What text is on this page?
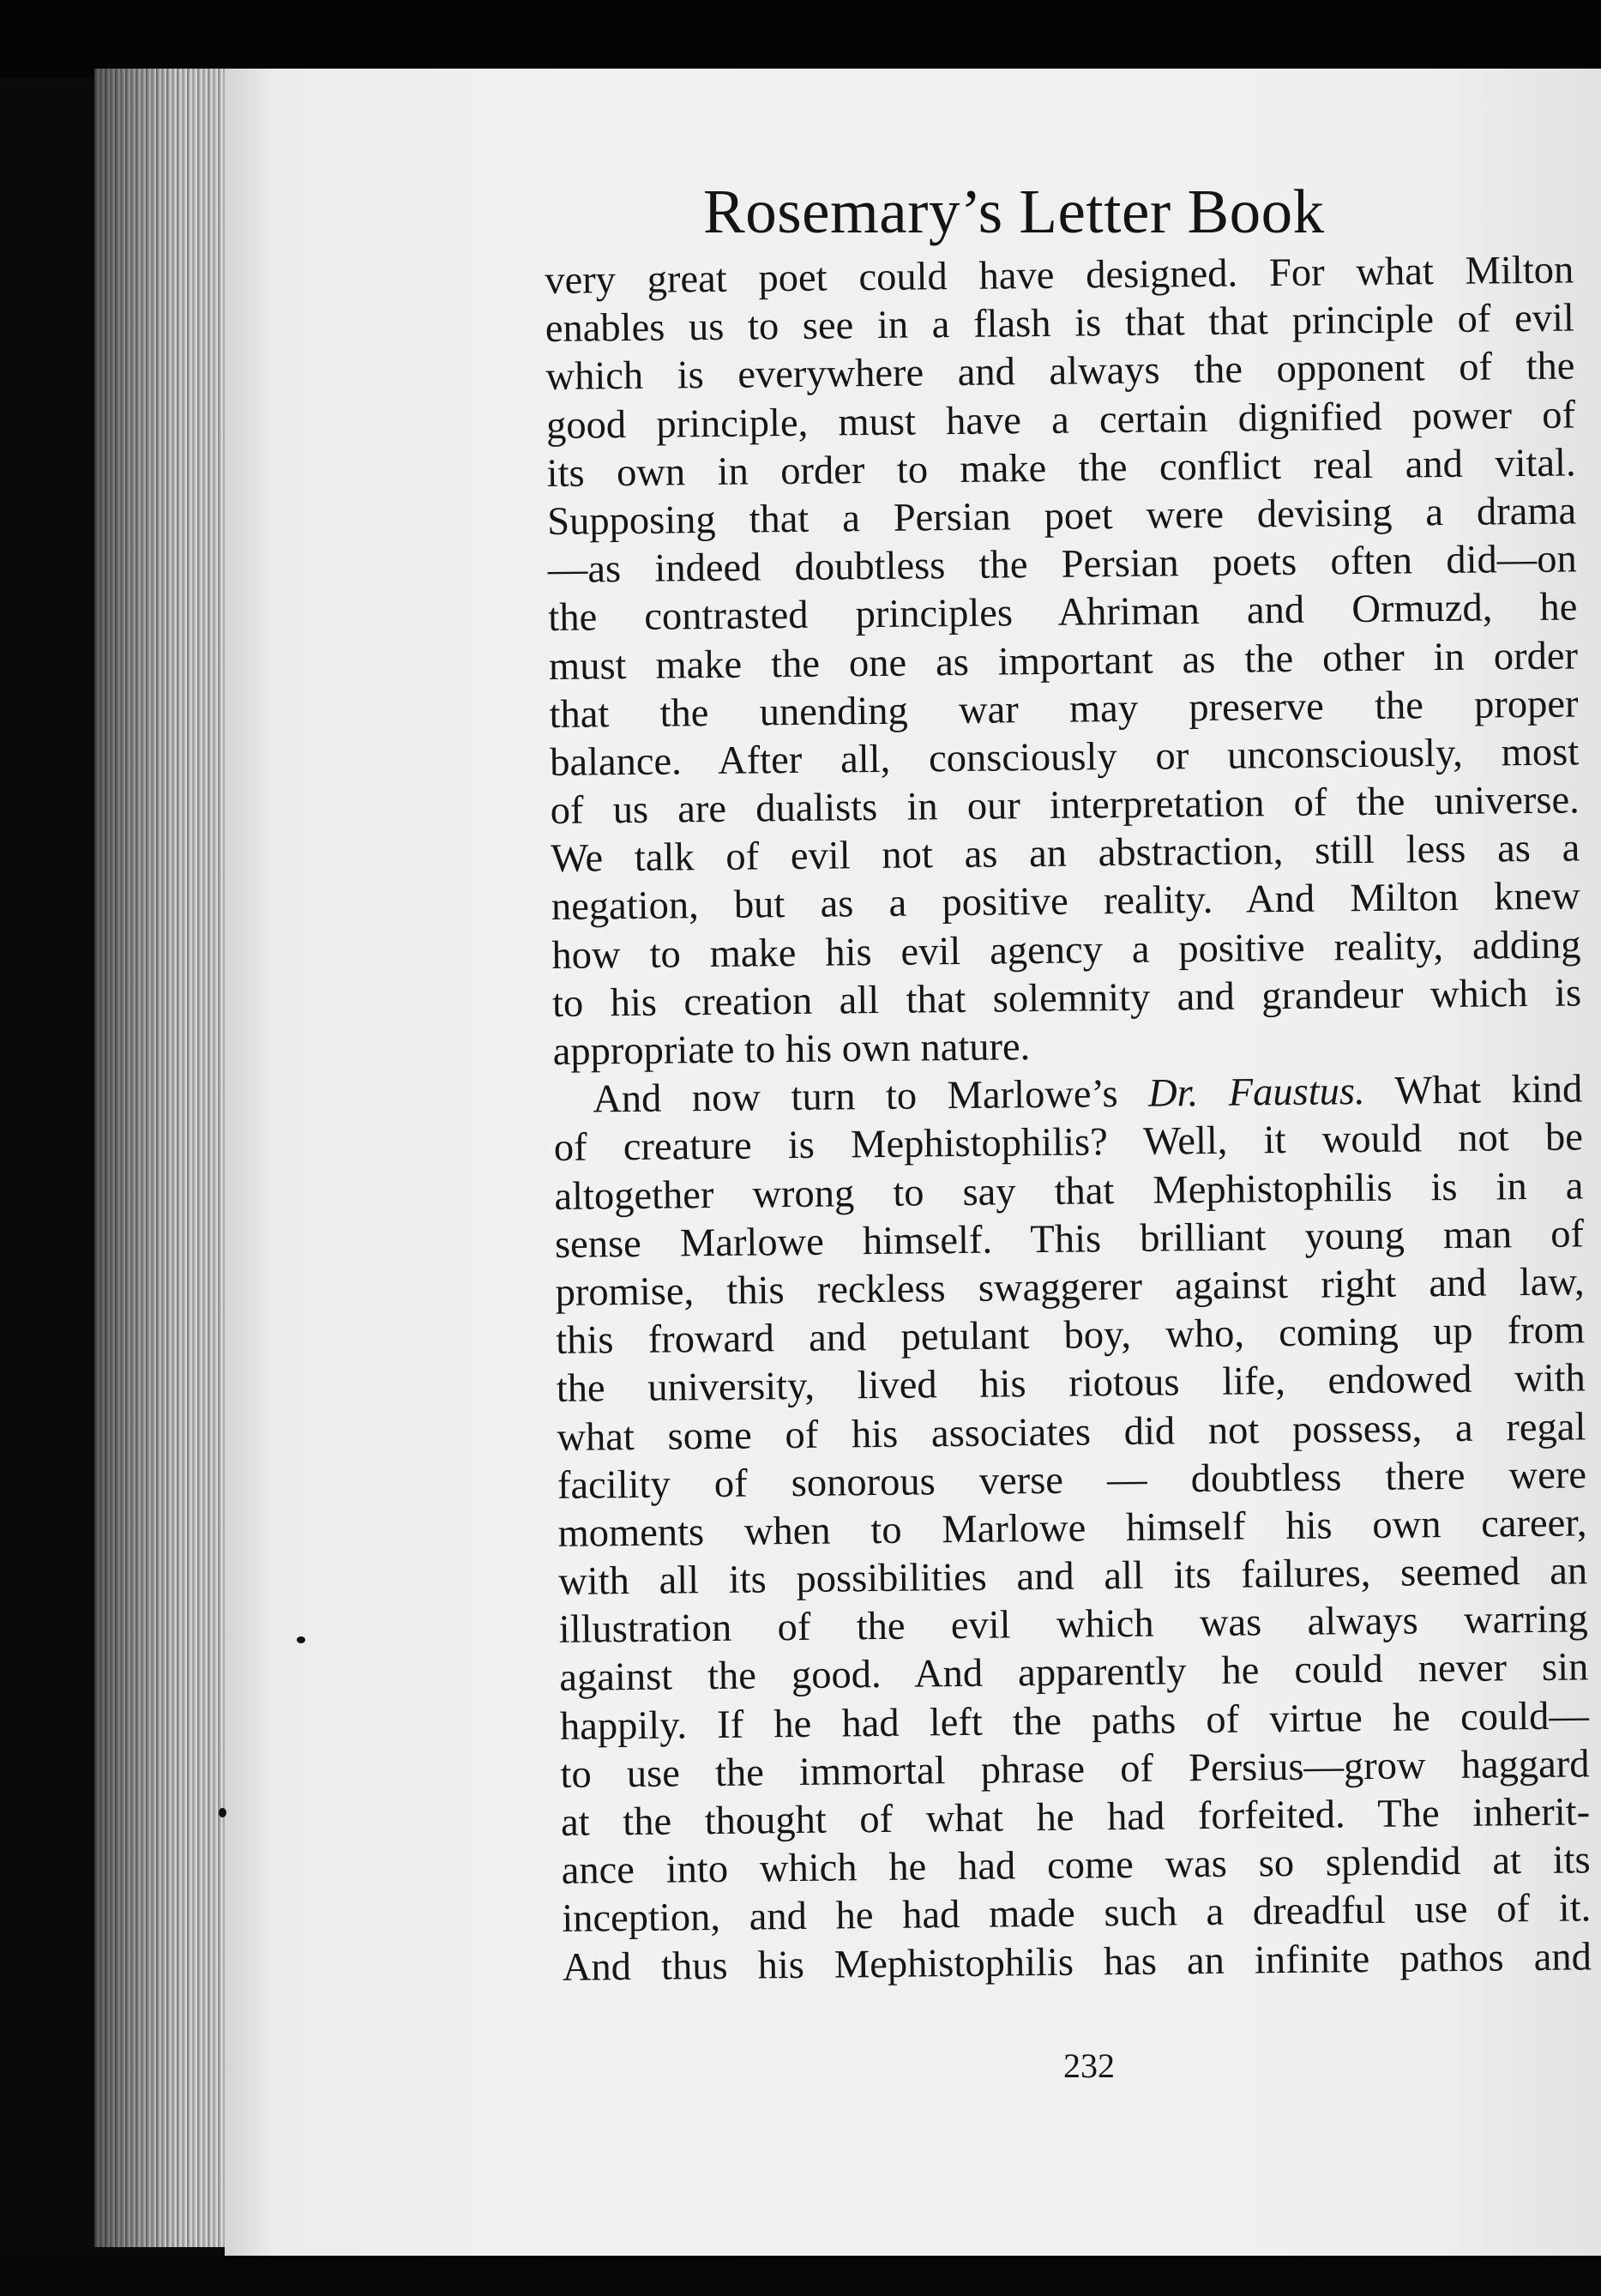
Rosemary’s Letter Book
very great poet could have designed. For what Milton
enables us to see in a flash is that that principle of evil
which is everywhere and always the opponent of the
good principle, must have a certain dignified power of
its own in order to make the conflict real and vital.
Supposing that a Persian poet were devising a drama
—as indeed doubtless the Persian poets often did—on
the contrasted principles Ahriman and Ormuzd, he
must make the one as important as the other in order
that the unending war may preserve the proper
balance. After all, consciously or unconsciously, most
of us are dualists in our interpretation of the universe.
We talk of evil not as an abstraction, still less as a
negation, but as a positive reality. And Milton knew
how to make his evil agency a positive reality, adding
to his creation all that solemnity and grandeur which is
appropriate to his own nature.
And now turn to Marlowe’s Dr. Faustus. What kind
of creature is Mephistophilis? Well, it would not be
altogether wrong to say that Mephistophilis is in a
sense Marlowe himself. This brilliant young man of
promise, this reckless swaggerer against right and law,
this froward and petulant boy, who, coming up from
the university, lived his riotous life, endowed with
what some of his associates did not possess, a regal
facility of sonorous verse — doubtless there were
moments when to Marlowe himself his own career,
with all its possibilities and all its failures, seemed an
illustration of the evil which was always warring
against the good. And apparently he could never sin
happily. If he had left the paths of virtue he could—
to use the immortal phrase of Persius—grow haggard
at the thought of what he had forfeited. The inherit-
ance into which he had come was so splendid at its
inception, and he had made such a dreadful use of it.
And thus his Mephistophilis has an infinite pathos and
232
